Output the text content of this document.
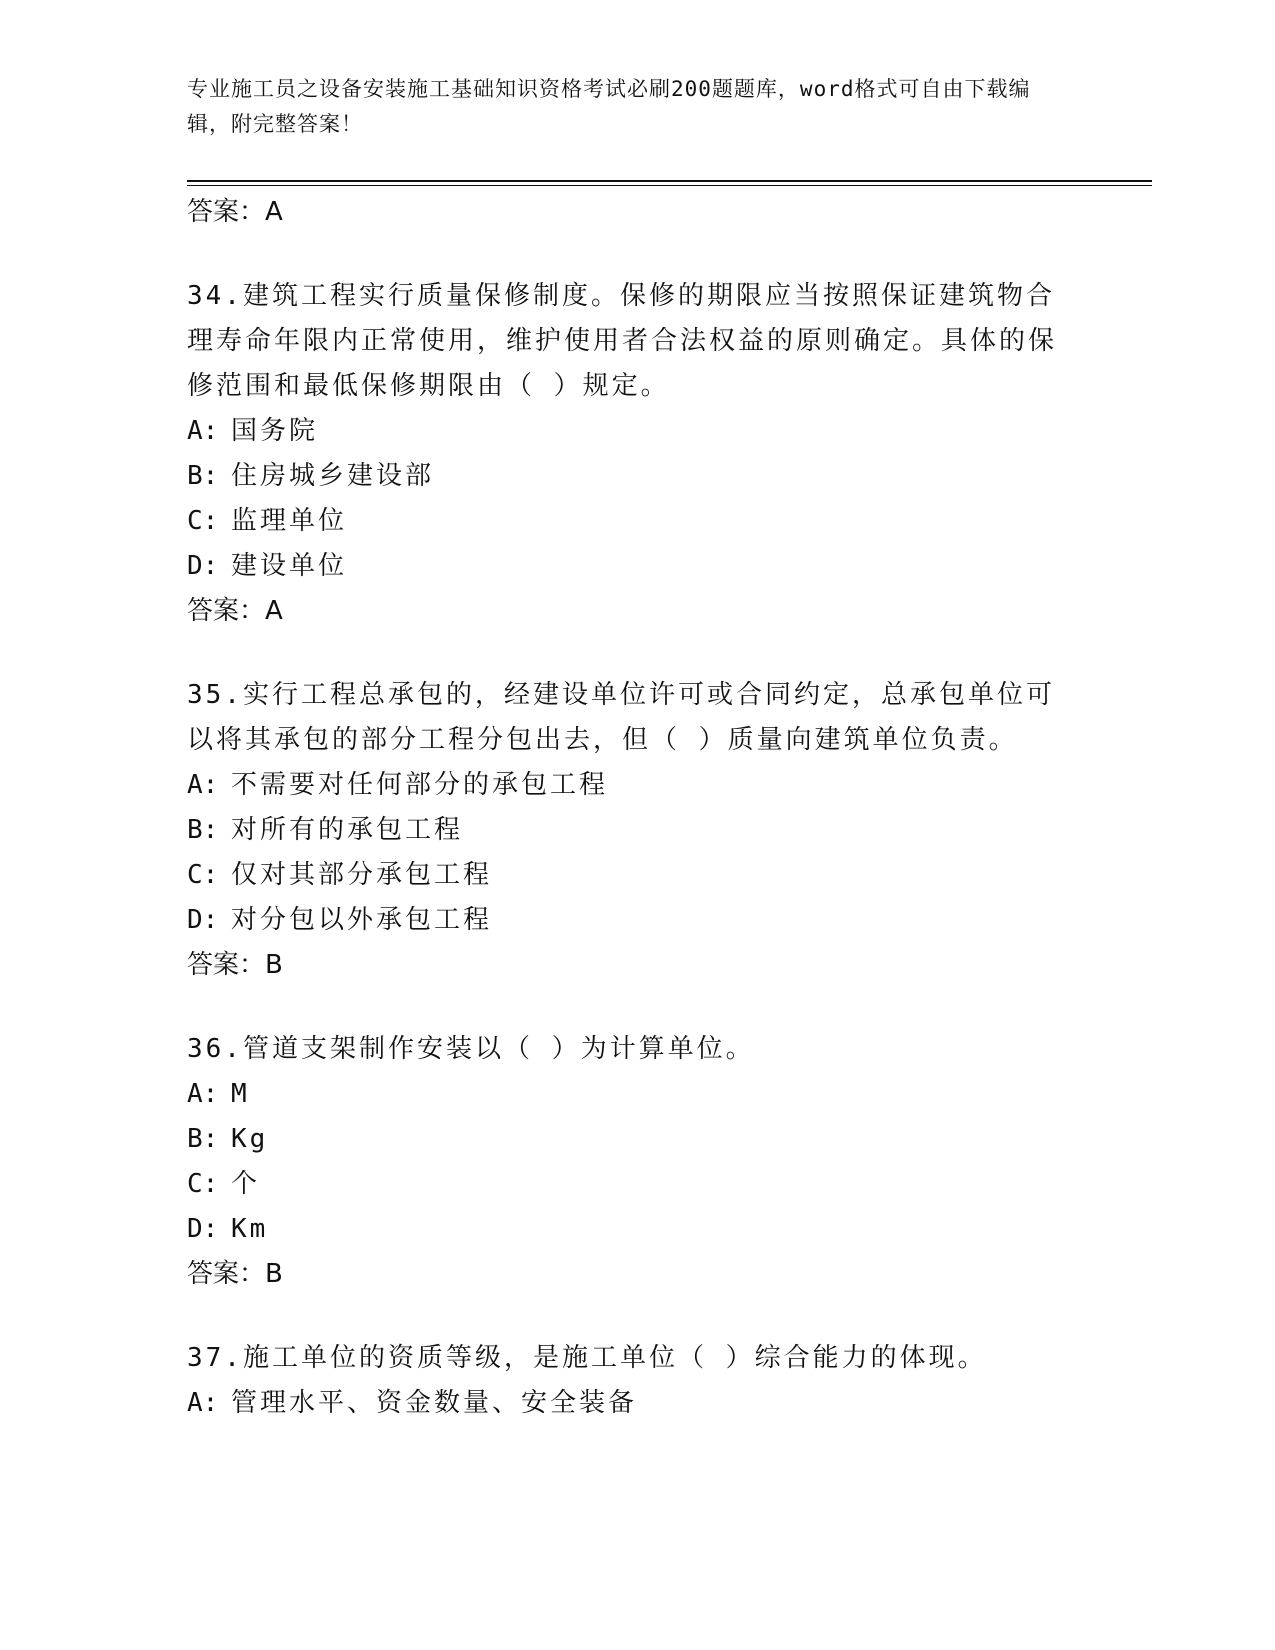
专业施工员之设备安装施工基础知识资格考试必刷200题题库，word格式可自由下载编辑，附完整答案！

答案：A

34.建筑工程实行质量保修制度。保修的期限应当按照保证建筑物合理寿命年限内正常使用，维护使用者合法权益的原则确定。具体的保修范围和最低保修期限由（ ）规定。

A: 国务院

B: 住房城乡建设部

C: 监理单位

D: 建设单位

答案：A

35.实行工程总承包的，经建设单位许可或合同约定，总承包单位可以将其承包的部分工程分包出去，但（ ）质量向建筑单位负责。

A: 不需要对任何部分的承包工程

B: 对所有的承包工程

C: 仅对其部分承包工程

D: 对分包以外承包工程

答案：B

36.管道支架制作安装以（ ）为计算单位。

A: M

B: Kg

C: 个

D: Km

答案：B

37.施工单位的资质等级，是施工单位（ ）综合能力的体现。

A: 管理水平、资金数量、安全装备
